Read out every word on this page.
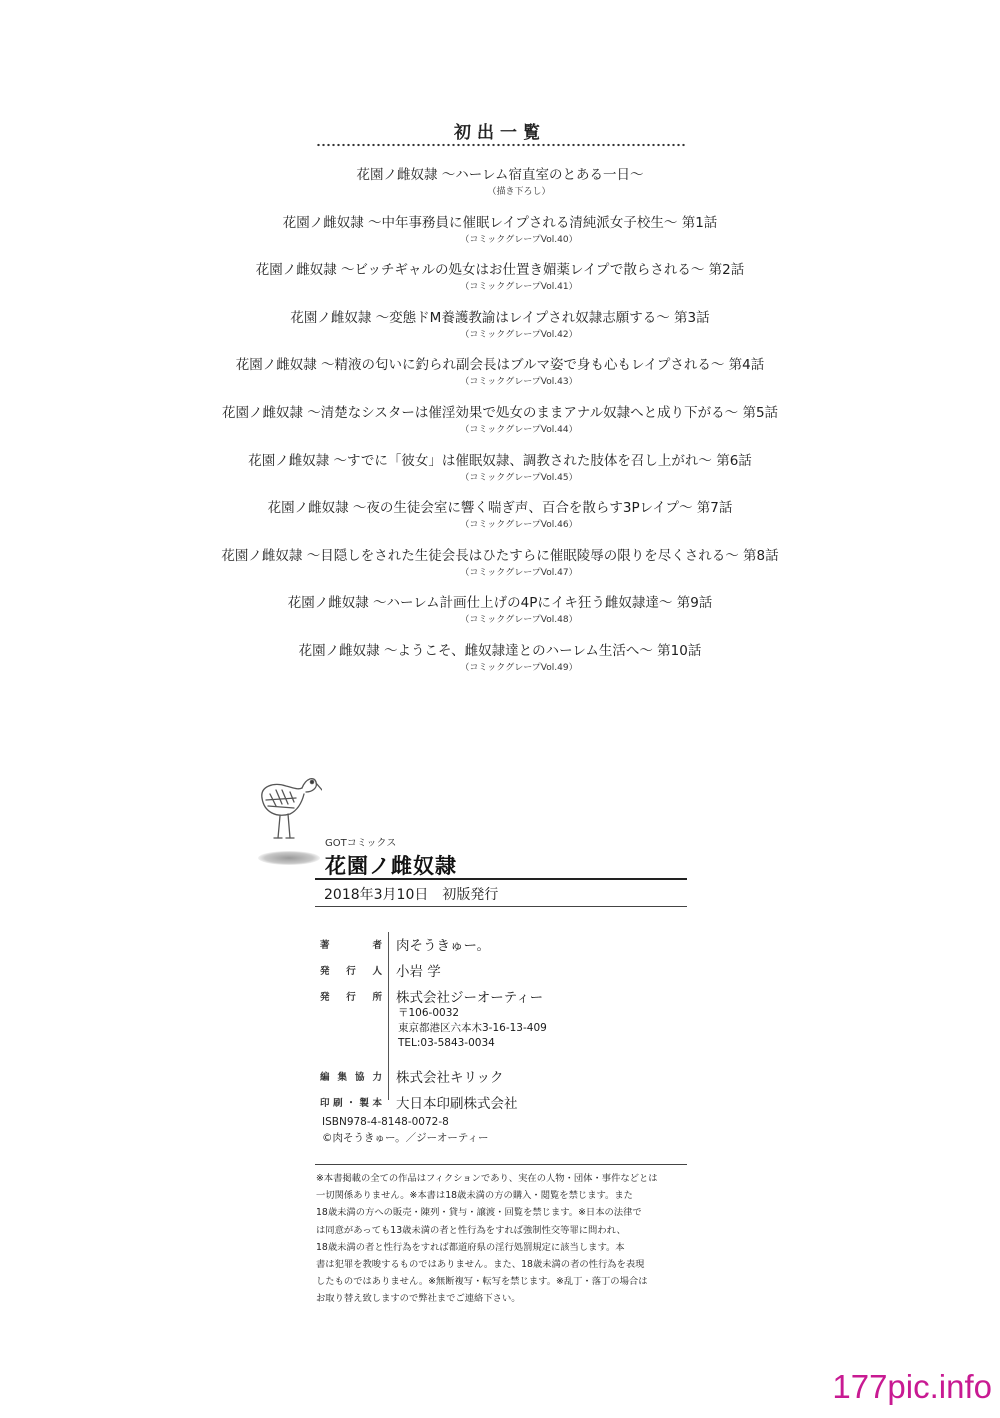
初出一覧
花園ノ雌奴隷 〜ハーレム宿直室のとある一日〜
（描き下ろし）
花園ノ雌奴隷 〜中年事務員に催眠レイプされる清純派女子校生〜 第1話
（コミックグレープVol.40）
花園ノ雌奴隷 〜ビッチギャルの処女はお仕置き媚薬レイプで散らされる〜 第2話
（コミックグレープVol.41）
花園ノ雌奴隷 〜変態ドM養護教諭はレイプされ奴隷志願する〜 第3話
（コミックグレープVol.42）
花園ノ雌奴隷 〜精液の匂いに釣られ副会長はブルマ姿で身も心もレイプされる〜 第4話
（コミックグレープVol.43）
花園ノ雌奴隷 〜清楚なシスターは催淫効果で処女のままアナル奴隷へと成り下がる〜 第5話
（コミックグレープVol.44）
花園ノ雌奴隷 〜すでに「彼女」は催眠奴隷、調教された肢体を召し上がれ〜 第6話
（コミックグレープVol.45）
花園ノ雌奴隷 〜夜の生徒会室に響く喘ぎ声、百合を散らす3Pレイプ〜 第7話
（コミックグレープVol.46）
花園ノ雌奴隷 〜目隠しをされた生徒会長はひたすらに催眠陵辱の限りを尽くされる〜 第8話
（コミックグレープVol.47）
花園ノ雌奴隷 〜ハーレム計画仕上げの4Pにイキ狂う雌奴隷達〜 第9話
（コミックグレープVol.48）
花園ノ雌奴隷 〜ようこそ、雌奴隷達とのハーレム生活へ〜 第10話
（コミックグレープVol.49）
GOTコミックス
花園ノ雌奴隷
2018年3月10日　初版発行
著者 肉そうきゅー。
発行人 小岩 学
発行所 株式会社ジーオーティー
編集協力 株式会社キリック
印刷・製本 大日本印刷株式会社
〒106-0032
東京都港区六本木3-16-13-409
TEL:03-5843-0034
ISBN978-4-8148-0072-8
©肉そうきゅー。／ジーオーティー
※本書掲載の全ての作品はフィクションであり、実在の人物・団体・事件などとは
一切関係ありません。※本書は18歳未満の方の購入・閲覧を禁じます。また
18歳未満の方への販売・陳列・貸与・譲渡・回覧を禁じます。※日本の法律で
は同意があっても13歳未満の者と性行為をすれば強制性交等罪に問われ、
18歳未満の者と性行為をすれば都道府県の淫行処罰規定に該当します。本
書は犯罪を教唆するものではありません。また、18歳未満の者の性行為を表現
したものではありません。※無断複写・転写を禁じます。※乱丁・落丁の場合は
お取り替え致しますので弊社までご連絡下さい。
177pic.info
